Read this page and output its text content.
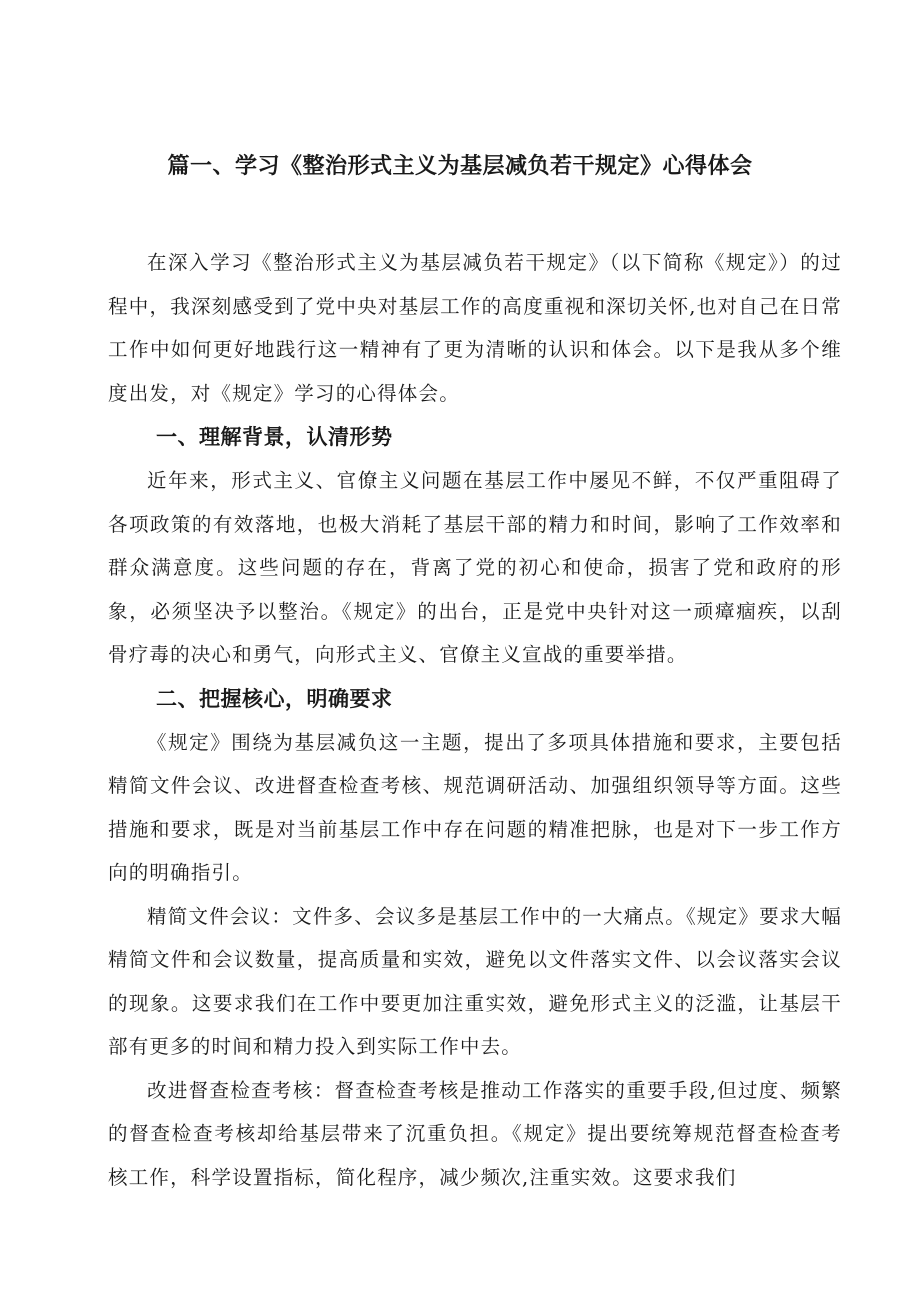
篇一、学习《整治形式主义为基层减负若干规定》心得体会

在深入学习《整治形式主义为基层减负若干规定》（以下简称《规定》）的过程中，我深刻感受到了党中央对基层工作的高度重视和深切关怀,也对自己在日常工作中如何更好地践行这一精神有了更为清晰的认识和体会。以下是我从多个维度出发，对《规定》学习的心得体会。

一、理解背景，认清形势

近年来，形式主义、官僚主义问题在基层工作中屡见不鲜，不仅严重阻碍了各项政策的有效落地，也极大消耗了基层干部的精力和时间，影响了工作效率和群众满意度。这些问题的存在，背离了党的初心和使命，损害了党和政府的形象，必须坚决予以整治。《规定》的出台，正是党中央针对这一顽瘴痼疾，以刮骨疗毒的决心和勇气，向形式主义、官僚主义宣战的重要举措。

二、把握核心，明确要求

《规定》围绕为基层减负这一主题，提出了多项具体措施和要求，主要包括精简文件会议、改进督查检查考核、规范调研活动、加强组织领导等方面。这些措施和要求，既是对当前基层工作中存在问题的精准把脉，也是对下一步工作方向的明确指引。

精简文件会议：文件多、会议多是基层工作中的一大痛点。《规定》要求大幅精简文件和会议数量，提高质量和实效，避免以文件落实文件、以会议落实会议的现象。这要求我们在工作中要更加注重实效，避免形式主义的泛滥，让基层干部有更多的时间和精力投入到实际工作中去。

改进督查检查考核：督查检查考核是推动工作落实的重要手段,但过度、频繁的督查检查考核却给基层带来了沉重负担。《规定》提出要统筹规范督查检查考核工作，科学设置指标，简化程序，减少频次,注重实效。这要求我们
